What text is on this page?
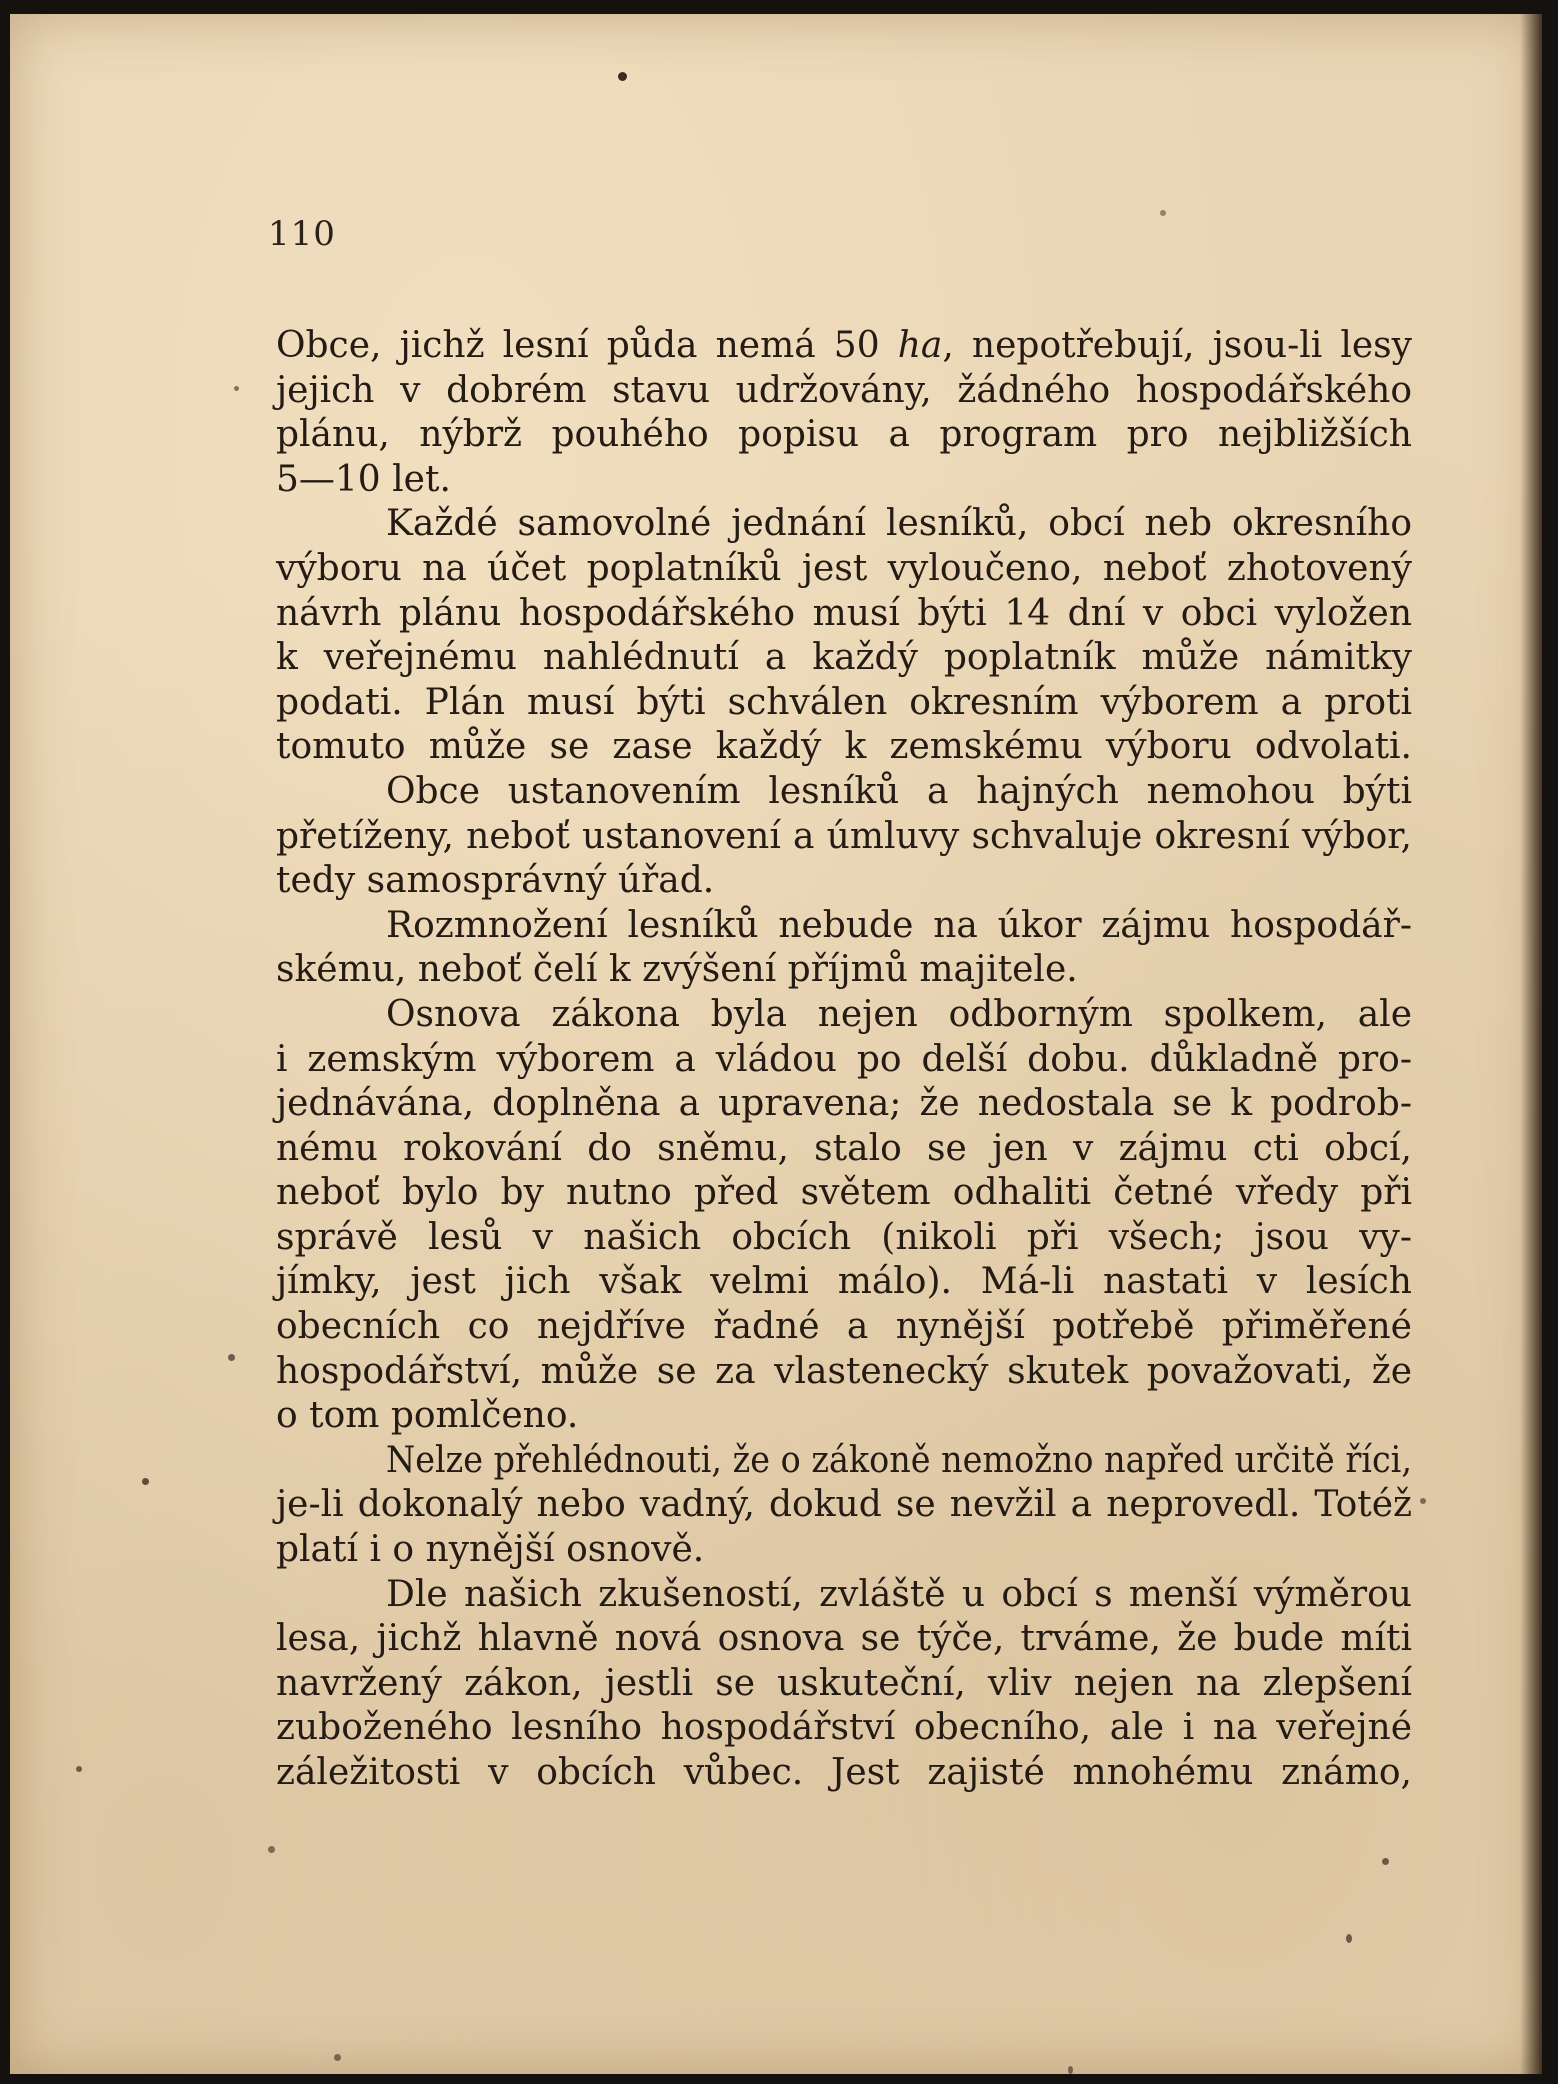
110
Obce, jichž lesní půda nemá 50 ha, nepotřebují, jsou-li lesy
jejich v dobrém stavu udržovány, žádného hospodářského
plánu, nýbrž pouhého popisu a program pro nejbližších
5—10 let.
Každé samovolné jednání lesníků, obcí neb okresního
výboru na účet poplatníků jest vyloučeno, neboť zhotovený
návrh plánu hospodářského musí býti 14 dní v obci vyložen
k veřejnému nahlédnutí a každý poplatník může námitky
podati. Plán musí býti schválen okresním výborem a proti
tomuto může se zase každý k zemskému výboru odvolati.
Obce ustanovením lesníků a hajných nemohou býti
přetíženy, neboť ustanovení a úmluvy schvaluje okresní výbor,
tedy samosprávný úřad.
Rozmnožení lesníků nebude na úkor zájmu hospodář-
skému, neboť čelí k zvýšení příjmů majitele.
Osnova zákona byla nejen odborným spolkem, ale
i zemským výborem a vládou po delší dobu. důkladně pro-
jednávána, doplněna a upravena; že nedostala se k podrob-
nému rokování do sněmu, stalo se jen v zájmu cti obcí,
neboť bylo by nutno před světem odhaliti četné vředy při
správě lesů v našich obcích (nikoli při všech; jsou vy-
jímky, jest jich však velmi málo). Má-li nastati v lesích
obecních co nejdříve řadné a nynější potřebě přiměřené
hospodářství, může se za vlastenecký skutek považovati, že
o tom pomlčeno.
Nelze přehlédnouti, že o zákoně nemožno napřed určitě říci,
je-li dokonalý nebo vadný, dokud se nevžil a neprovedl. Totéž
platí i o nynější osnově.
Dle našich zkušeností, zvláště u obcí s menší výměrou
lesa, jichž hlavně nová osnova se týče, trváme, že bude míti
navržený zákon, jestli se uskuteční, vliv nejen na zlepšení
zuboženého lesního hospodářství obecního, ale i na veřejné
záležitosti v obcích vůbec. Jest zajisté mnohému známo,
